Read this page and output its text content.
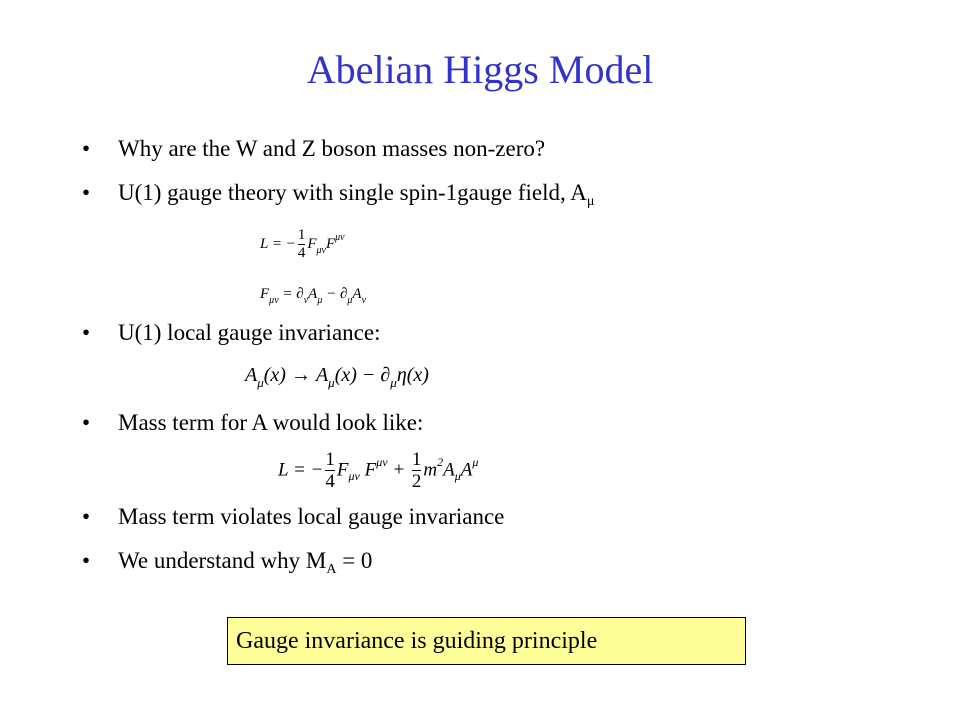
Abelian Higgs Model
• Why are the W and Z boson masses non-zero?
• U(1) gauge theory with single spin-1gauge field, $A_\mu$
L = − $\frac{1}{4} F_{\mu\nu}F^{\mu\nu}$
$F_{\mu\nu} = \partial_\nu A_\mu - \partial_\mu A_\nu$
• U(1) local gauge invariance:
$A_\mu(x) \to A_\mu(x) - \partial_\mu\eta(x)$
• Mass term for A would look like:
L = − $\frac{1}{4} F_{\mu\nu}$ $F^{\mu\nu} + \frac{1}{2} m^2A_\mu A^\mu$
• Mass term violates local gauge invariance
• We understand why $M_A = 0$
Gauge invariance is guiding principle
